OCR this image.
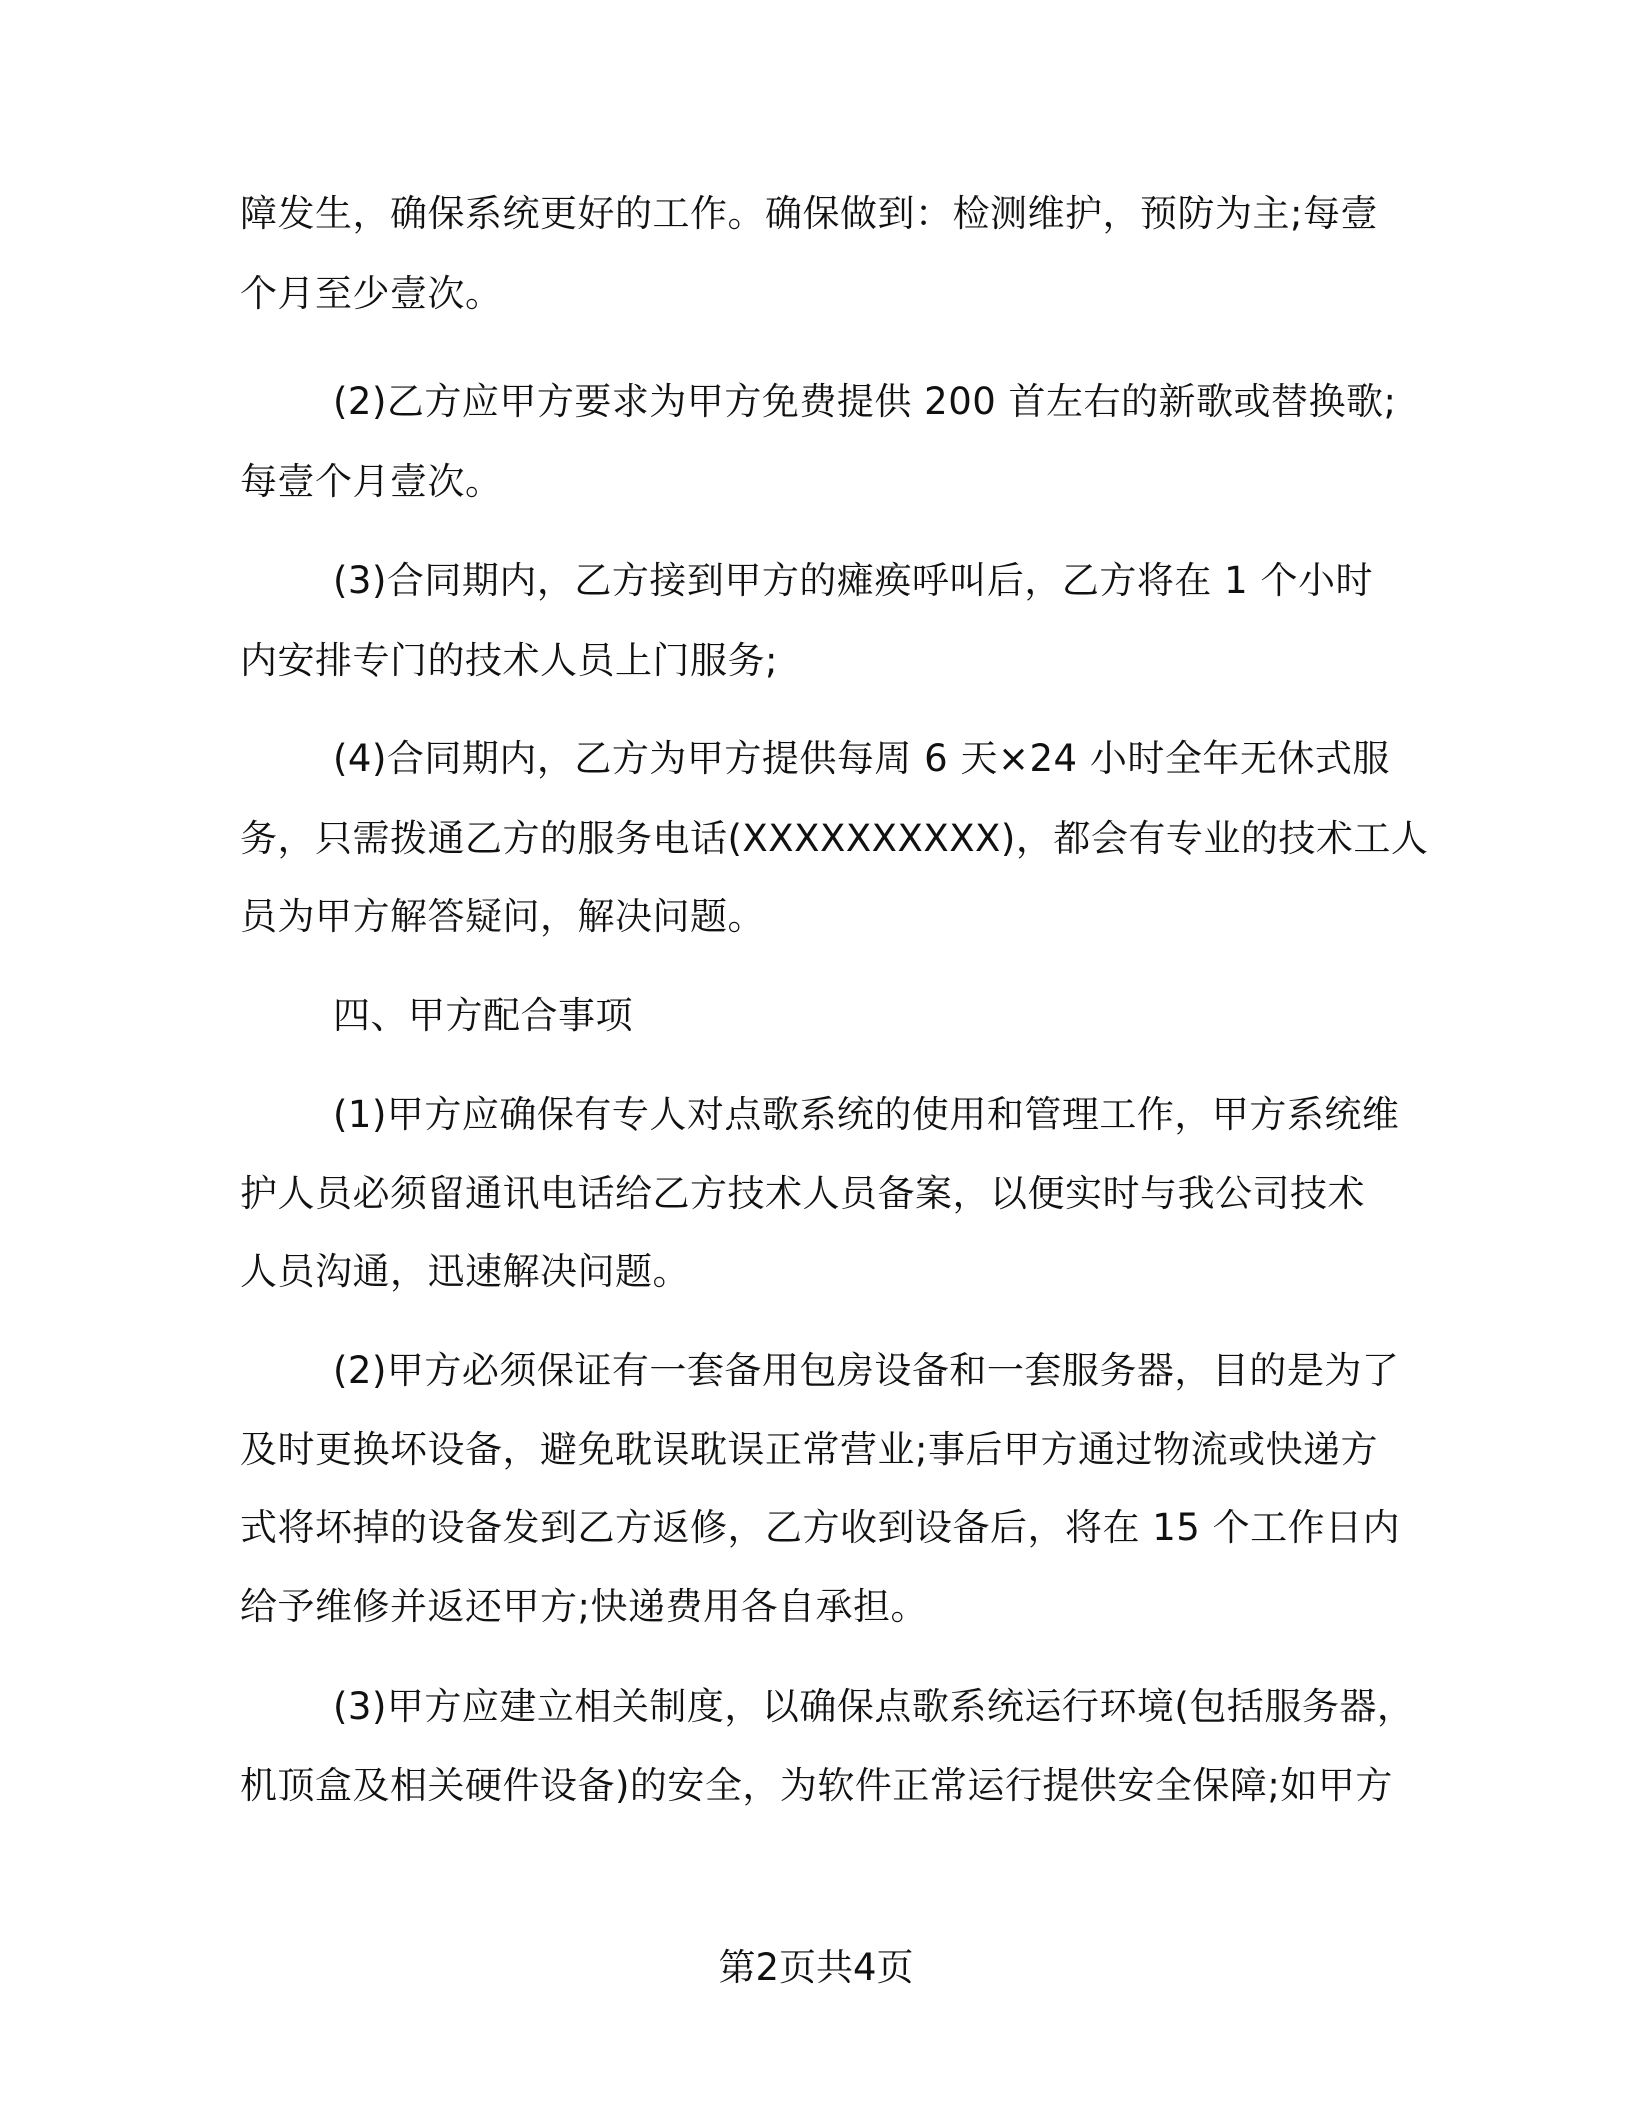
障发生，确保系统更好的工作。确保做到：检测维护，预防为主;每壹
个月至少壹次。
(2)乙方应甲方要求为甲方免费提供 200 首左右的新歌或替换歌;
每壹个月壹次。
(3)合同期内，乙方接到甲方的瘫痪呼叫后，乙方将在 1 个小时
内安排专门的技术人员上门服务;
(4)合同期内，乙方为甲方提供每周 6 天×24 小时全年无休式服
务，只需拨通乙方的服务电话(XXXXXXXXXX)，都会有专业的技术工人
员为甲方解答疑问，解决问题。
四、甲方配合事项
(1)甲方应确保有专人对点歌系统的使用和管理工作，甲方系统维
护人员必须留通讯电话给乙方技术人员备案，以便实时与我公司技术
人员沟通，迅速解决问题。
(2)甲方必须保证有一套备用包房设备和一套服务器，目的是为了
及时更换坏设备，避免耽误耽误正常营业;事后甲方通过物流或快递方
式将坏掉的设备发到乙方返修，乙方收到设备后，将在 15 个工作日内
给予维修并返还甲方;快递费用各自承担。
(3)甲方应建立相关制度，以确保点歌系统运行环境(包括服务器，
机顶盒及相关硬件设备)的安全，为软件正常运行提供安全保障;如甲方
第2页共4页
